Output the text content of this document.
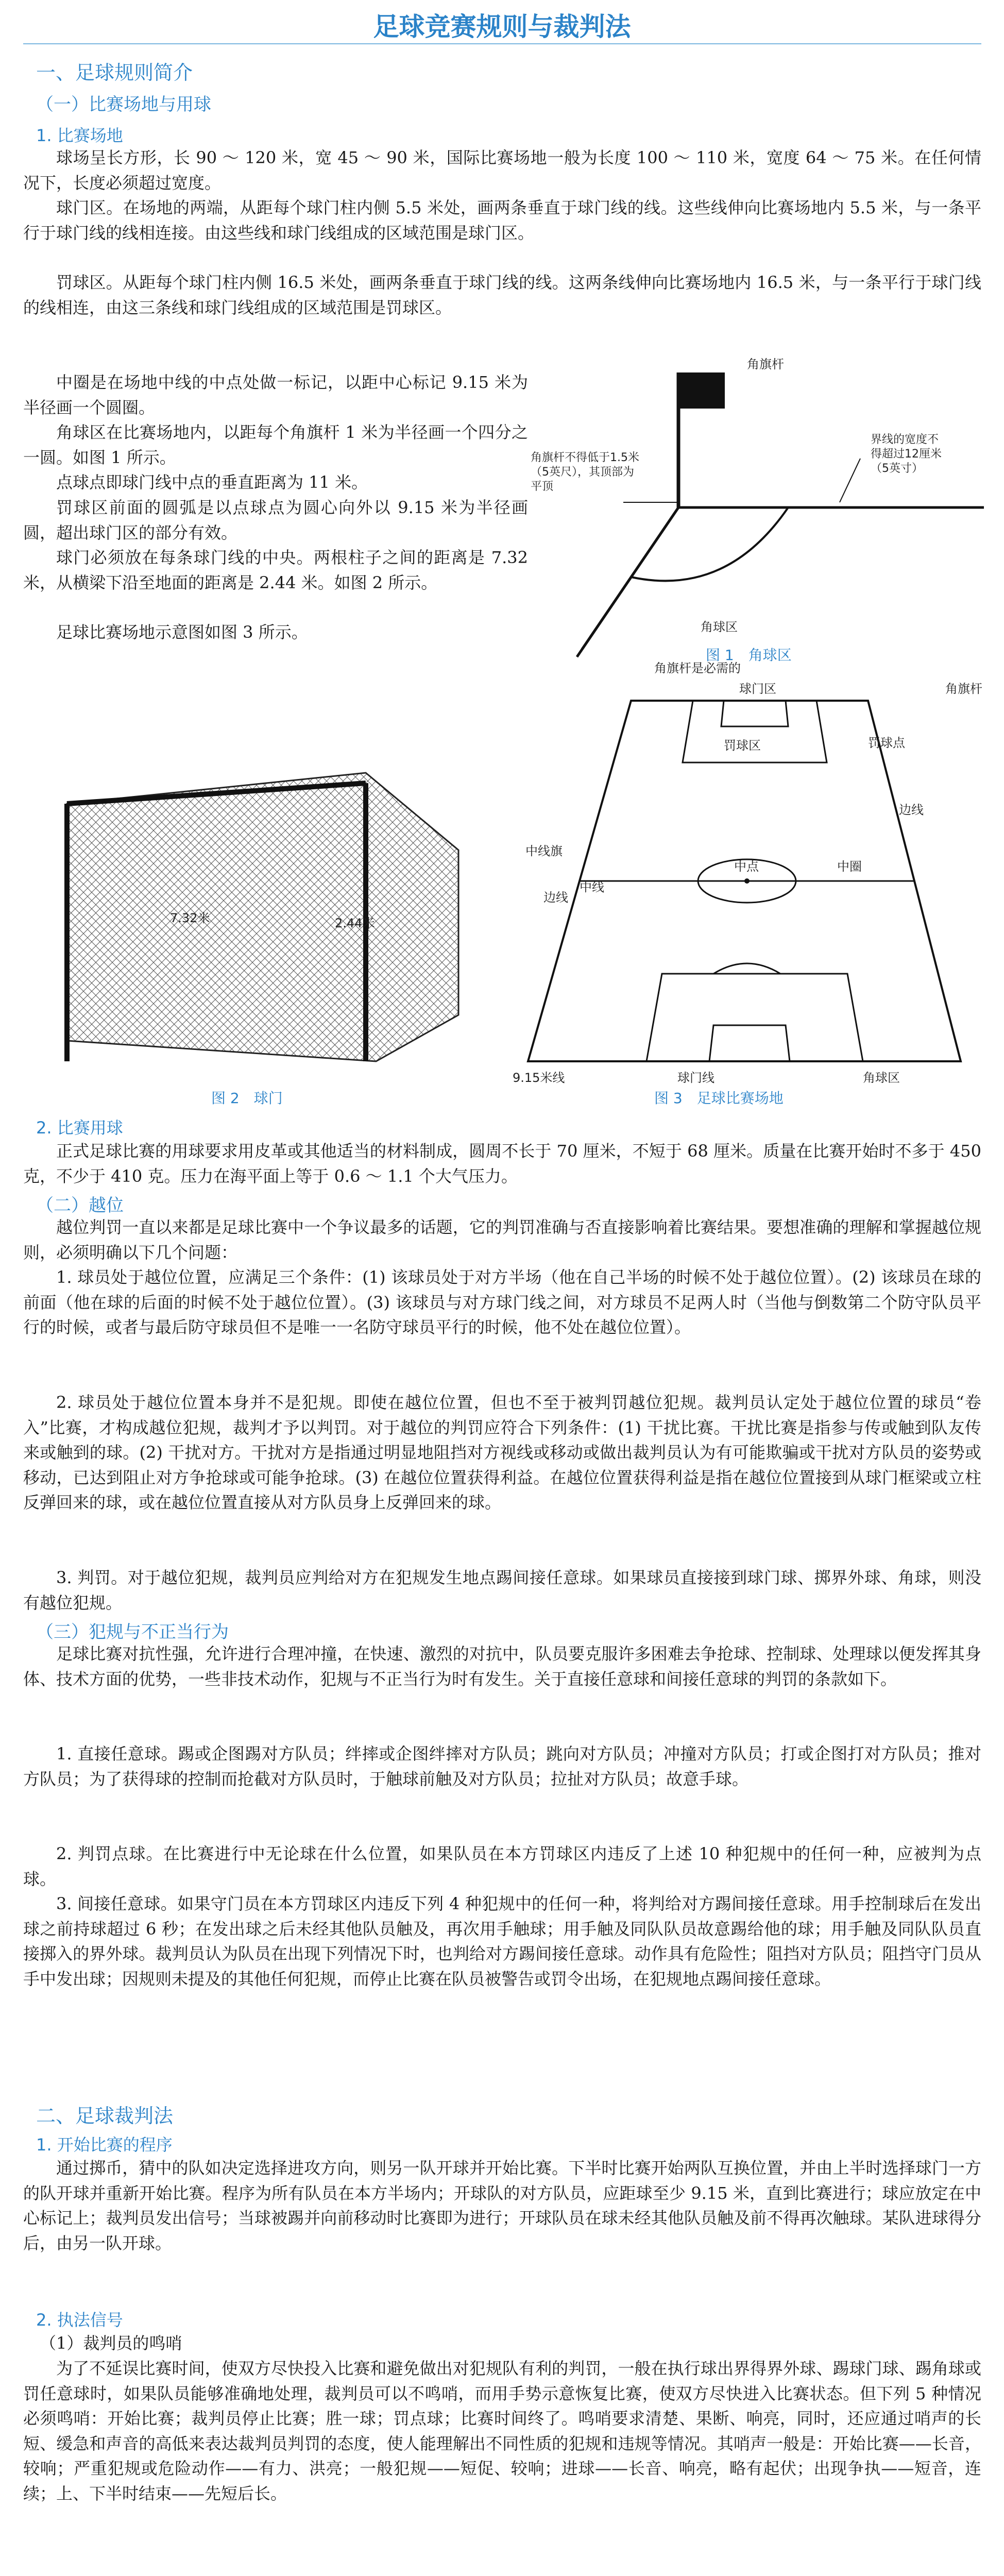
足球竞赛规则与裁判法
一、足球规则简介
（一）比赛场地与用球
1. 比赛场地

球场呈长方形，长 90 ～ 120 米，宽 45 ～ 90 米，国际比赛场地一般为长度 100 ～ 110 米，宽度 64 ～ 75 米。在任何情况下，长度必须超过宽度。

球门区。在场地的两端，从距每个球门柱内侧 5.5 米处，画两条垂直于球门线的线。这些线伸向比赛场地内 5.5 米，与一条平行于球门线的线相连接。由这些线和球门线组成的区域范围是球门区。

罚球区。从距每个球门柱内侧 16.5 米处，画两条垂直于球门线的线。这两条线伸向比赛场地内 16.5 米，与一条平行于球门线的线相连，由这三条线和球门线组成的区域范围是罚球区。

中圈是在场地中线的中点处做一标记，以距中心标记 9.15 米为半径画一个圆圈。

角球区在比赛场地内，以距每个角旗杆 1 米为半径画一个四分之一圆。如图 1 所示。

点球点即球门线中点的垂直距离为 11 米。

罚球区前面的圆弧是以点球点为圆心向外以 9.15 米为半径画圆，超出球门区的部分有效。

球门必须放在每条球门线的中央。两根柱子之间的距离是 7.32 米，从横梁下沿至地面的距离是 2.44 米。如图 2 所示。

足球比赛场地示意图如图 3 所示。

角旗杆
角旗杆不得低于1.5米
（5英尺），其顶部为
平顶
角球区
界线的宽度不
得超过12厘米
（5英寸）
角旗杆是必需的
图 1　角球区
7.32米	2.44米
图 2　球门
球门区	角旗杆
罚球区	罚球点
中线旗
边线
边线
中线
中点	中圈
9.15米线	球门线	角球区
图 3　足球比赛场地
2. 比赛用球

正式足球比赛的用球要求用皮革或其他适当的材料制成，圆周不长于 70 厘米，不短于 68 厘米。质量在比赛开始时不多于 450 克，不少于 410 克。压力在海平面上等于 0.6 ～ 1.1 个大气压力。

（二）越位

越位判罚一直以来都是足球比赛中一个争议最多的话题，它的判罚准确与否直接影响着比赛结果。要想准确的理解和掌握越位规则，必须明确以下几个问题：

1. 球员处于越位位置，应满足三个条件：(1) 该球员处于对方半场（他在自己半场的时候不处于越位位置）。(2) 该球员在球的前面（他在球的后面的时候不处于越位位置）。(3) 该球员与对方球门线之间，对方球员不足两人时（当他与倒数第二个防守队员平行的时候，或者与最后防守球员但不是唯一一名防守球员平行的时候，他不处在越位位置）。

2. 球员处于越位位置本身并不是犯规。即使在越位位置，但也不至于被判罚越位犯规。裁判员认定处于越位位置的球员“卷入”比赛，才构成越位犯规，裁判才予以判罚。对于越位的判罚应符合下列条件：(1) 干扰比赛。干扰比赛是指参与传或触到队友传来或触到的球。(2) 干扰对方。干扰对方是指通过明显地阻挡对方视线或移动或做出裁判员认为有可能欺骗或干扰对方队员的姿势或移动，已达到阻止对方争抢球或可能争抢球。(3) 在越位位置获得利益。在越位位置获得利益是指在越位位置接到从球门框梁或立柱反弹回来的球，或在越位位置直接从对方队员身上反弹回来的球。

3. 判罚。对于越位犯规，裁判员应判给对方在犯规发生地点踢间接任意球。如果球员直接接到球门球、掷界外球、角球，则没有越位犯规。

（三）犯规与不正当行为

足球比赛对抗性强，允许进行合理冲撞，在快速、激烈的对抗中，队员要克服许多困难去争抢球、控制球、处理球以便发挥其身体、技术方面的优势，一些非技术动作，犯规与不正当行为时有发生。关于直接任意球和间接任意球的判罚的条款如下。

1. 直接任意球。踢或企图踢对方队员；绊摔或企图绊摔对方队员；跳向对方队员；冲撞对方队员；打或企图打对方队员；推对方队员；为了获得球的控制而抢截对方队员时，于触球前触及对方队员；拉扯对方队员；故意手球。

2. 判罚点球。在比赛进行中无论球在什么位置，如果队员在本方罚球区内违反了上述 10 种犯规中的任何一种，应被判为点球。

3. 间接任意球。如果守门员在本方罚球区内违反下列 4 种犯规中的任何一种，将判给对方踢间接任意球。用手控制球后在发出球之前持球超过 6 秒；在发出球之后未经其他队员触及，再次用手触球；用手触及同队队员故意踢给他的球；用手触及同队队员直接掷入的界外球。裁判员认为队员在出现下列情况下时，也判给对方踢间接任意球。动作具有危险性；阻挡对方队员；阻挡守门员从手中发出球；因规则未提及的其他任何犯规，而停止比赛在队员被警告或罚令出场，在犯规地点踢间接任意球。

二、足球裁判法
1. 开始比赛的程序

通过掷币，猜中的队如决定选择进攻方向，则另一队开球并开始比赛。下半时比赛开始两队互换位置，并由上半时选择球门一方的队开球并重新开始比赛。程序为所有队员在本方半场内；开球队的对方队员，应距球至少 9.15 米，直到比赛进行；球应放定在中心标记上；裁判员发出信号；当球被踢并向前移动时比赛即为进行；开球队员在球未经其他队员触及前不得再次触球。某队进球得分后，由另一队开球。

2. 执法信号
（1）裁判员的鸣哨

为了不延误比赛时间，使双方尽快投入比赛和避免做出对犯规队有利的判罚，一般在执行球出界得界外球、踢球门球、踢角球或罚任意球时，如果队员能够准确地处理，裁判员可以不鸣哨，而用手势示意恢复比赛，使双方尽快进入比赛状态。但下列 5 种情况必须鸣哨：开始比赛；裁判员停止比赛；胜一球；罚点球；比赛时间终了。鸣哨要求清楚、果断、响亮，同时，还应通过哨声的长短、缓急和声音的高低来表达裁判员判罚的态度，使人能理解出不同性质的犯规和违规等情况。其哨声一般是：开始比赛——长音，较响；严重犯规或危险动作——有力、洪亮；一般犯规——短促、较响；进球——长音、响亮，略有起伏；出现争执——短音，连续；上、下半时结束——先短后长。
